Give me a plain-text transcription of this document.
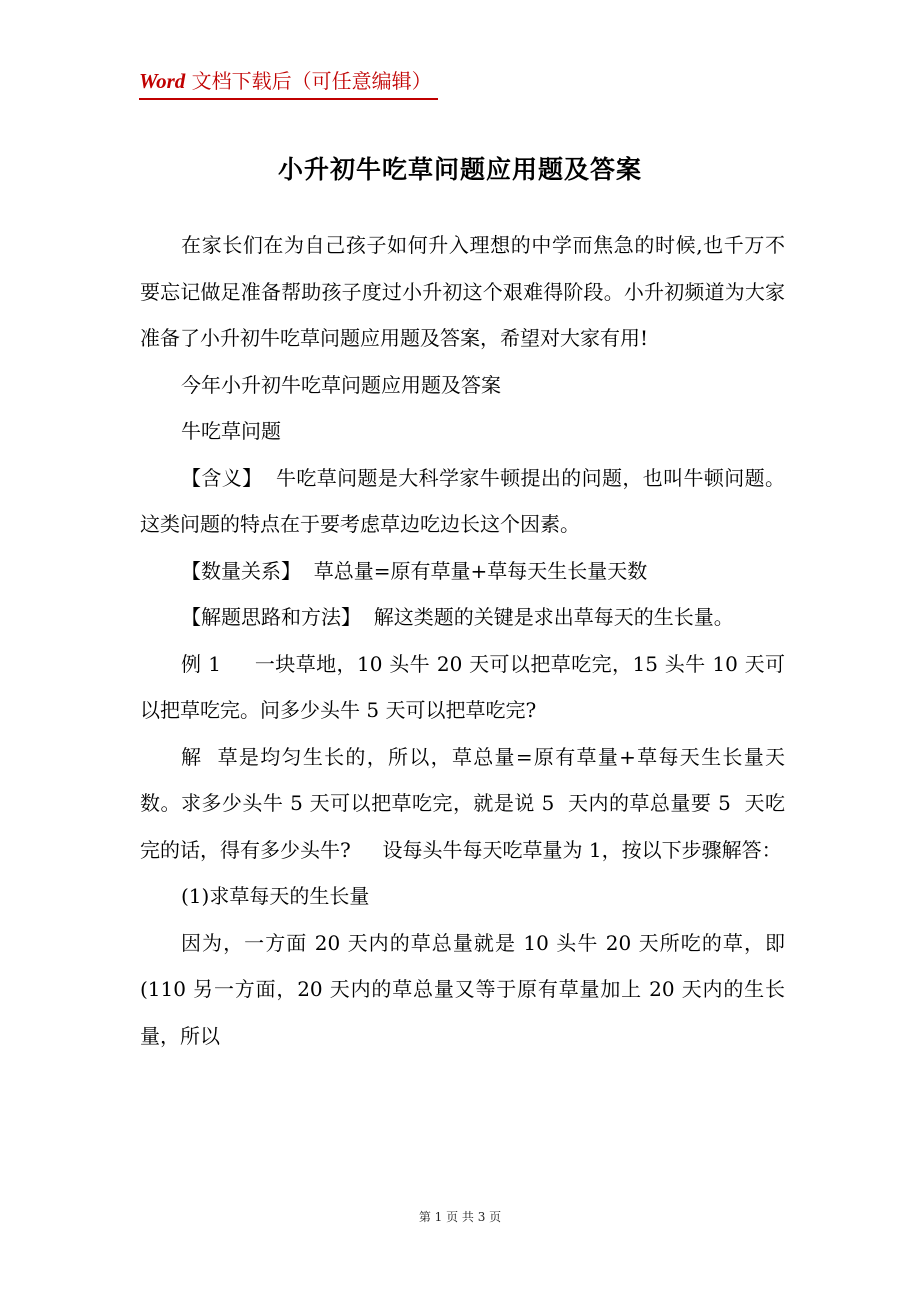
Word 文档下载后（可任意编辑）
小升初牛吃草问题应用题及答案

在家长们在为自己孩子如何升入理想的中学而焦急的时候,也千万不要忘记做足准备帮助孩子度过小升初这个艰难得阶段。小升初频道为大家准备了小升初牛吃草问题应用题及答案，希望对大家有用!

今年小升初牛吃草问题应用题及答案

牛吃草问题

【含义】  牛吃草问题是大科学家牛顿提出的问题，也叫牛顿问题。这类问题的特点在于要考虑草边吃边长这个因素。

【数量关系】  草总量=原有草量+草每天生长量天数

【解题思路和方法】  解这类题的关键是求出草每天的生长量。

例 1     一块草地，10 头牛 20 天可以把草吃完，15 头牛 10 天可以把草吃完。问多少头牛 5 天可以把草吃完?

解  草是均匀生长的，所以，草总量=原有草量+草每天生长量天数。求多少头牛 5 天可以把草吃完，就是说 5  天内的草总量要 5  天吃完的话，得有多少头牛?     设每头牛每天吃草量为 1，按以下步骤解答：

(1)求草每天的生长量

因为，一方面 20 天内的草总量就是 10 头牛 20 天所吃的草，即(110 另一方面，20 天内的草总量又等于原有草量加上 20 天内的生长量，所以

第 1 页 共 3 页
